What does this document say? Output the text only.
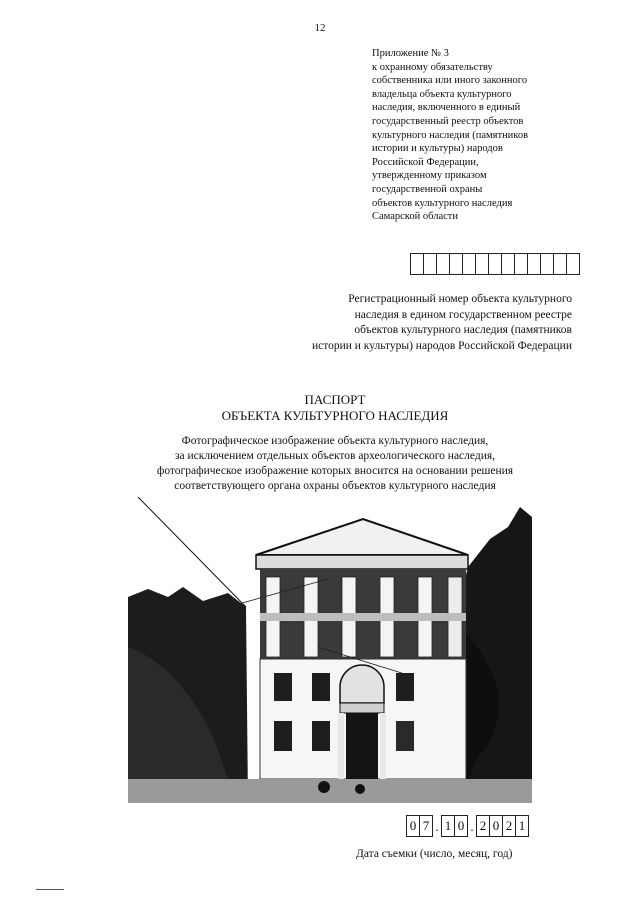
12
Приложение № 3
к охранному обязательству
собственника или иного законного
владельца объекта культурного
наследия, включенного в единый
государственный реестр объектов
культурного наследия (памятников
истории и культуры) народов
Российской Федерации,
утвержденному приказом
государственной охраны
объектов культурного наследия
Самарской области
Регистрационный номер объекта культурного
наследия в едином государственном реестре
объектов культурного наследия (памятников
истории и культуры) народов Российской Федерации
ПАСПОРТ
ОБЪЕКТА КУЛЬТУРНОГО НАСЛЕДИЯ
Фотографическое изображение объекта культурного наследия,
за исключением отдельных объектов археологического наследия,
фотографическое изображение которых вносится на основании решения
соответствующего органа охраны объектов культурного наследия
0 7 . 1 0 . 2 0 2 1
Дата съемки (число, месяц, год)
